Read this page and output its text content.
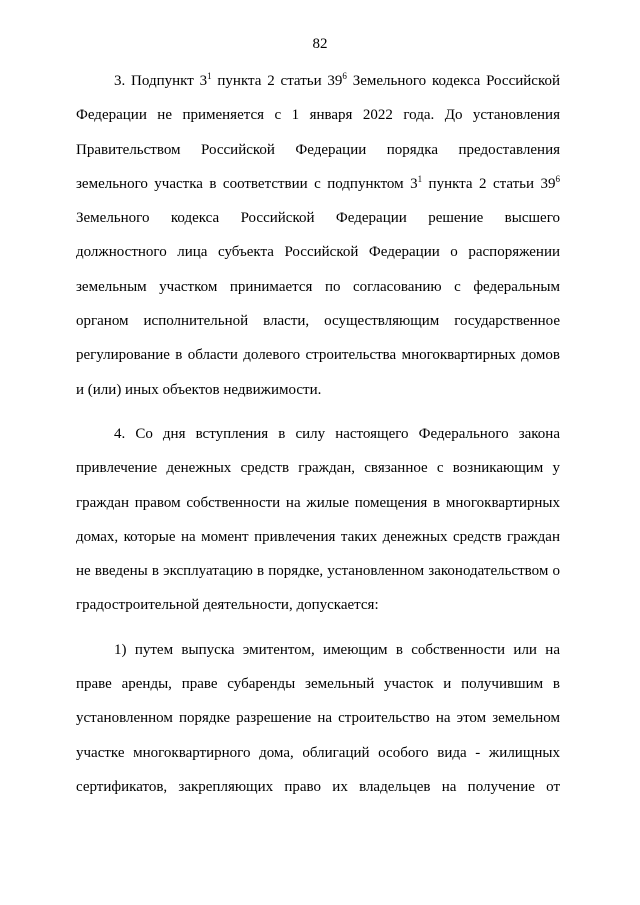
82
3. Подпункт $3^1$ пункта 2 статьи $39^6$ Земельного кодекса Российской
Федерации не применяется с 1 января 2022 года. До установления
Правительством Российской Федерации порядка предоставления
земельного участка в соответствии с подпунктом $3^1$ пункта 2 статьи $39^6$
Земельного кодекса Российской Федерации решение высшего
должностного лица субъекта Российской Федерации о распоряжении
земельным участком принимается по согласованию с федеральным
органом исполнительной власти, осуществляющим государственное
регулирование в области долевого строительства многоквартирных домов
и (или) иных объектов недвижимости.
4. Со дня вступления в силу настоящего Федерального закона
привлечение денежных средств граждан, связанное с возникающим у
граждан правом собственности на жилые помещения в многоквартирных
домах, которые на момент привлечения таких денежных средств граждан
не введены в эксплуатацию в порядке, установленном законодательством о
градостроительной деятельности, допускается:
1) путем выпуска эмитентом, имеющим в собственности или на
праве аренды, праве субаренды земельный участок и получившим в
установленном порядке разрешение на строительство на этом земельном
участке многоквартирного дома, облигаций особого вида - жилищных
сертификатов, закрепляющих право их владельцев на получение от
